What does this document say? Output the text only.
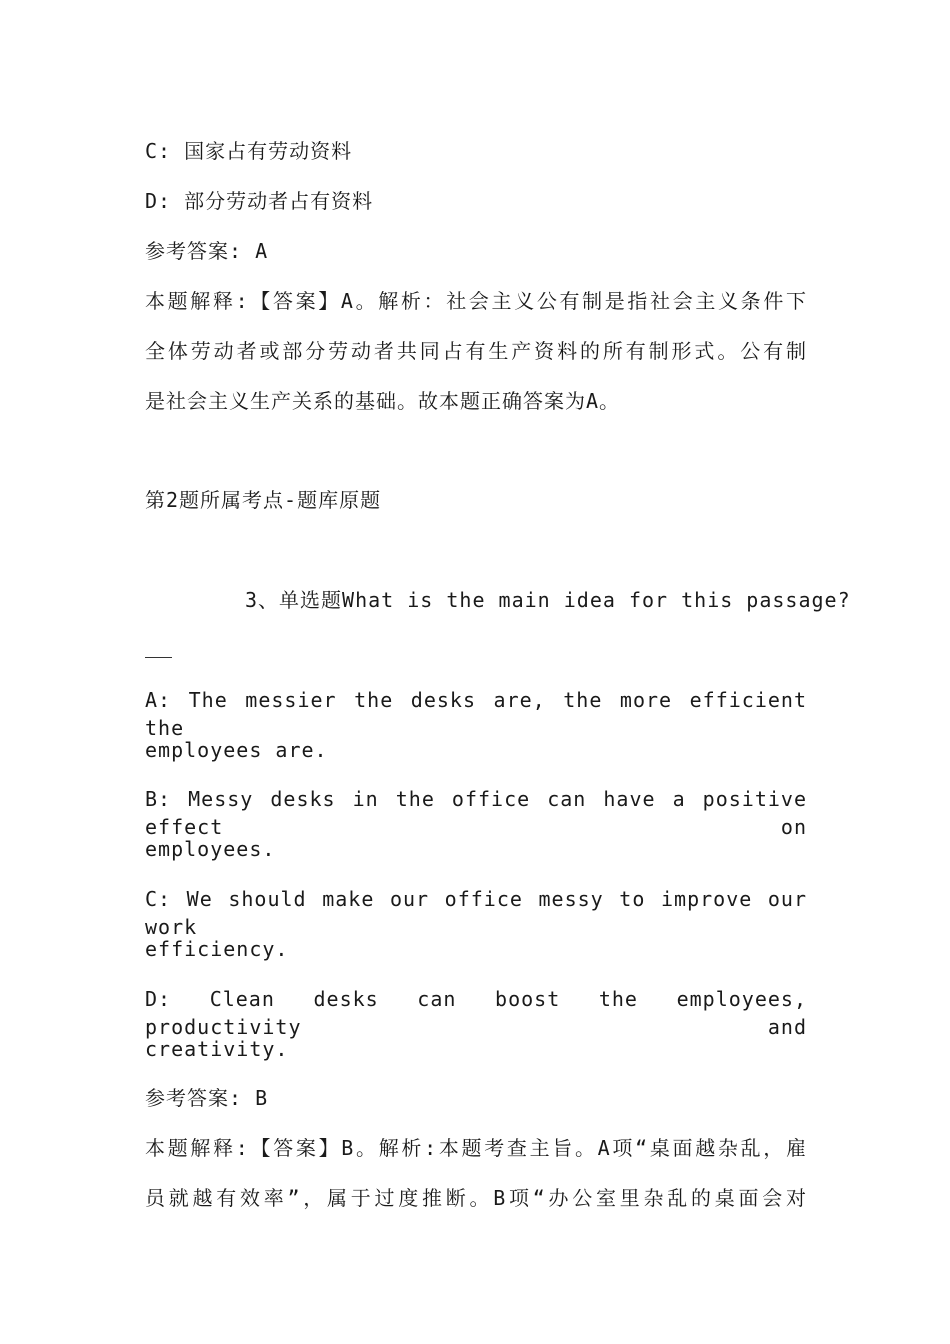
C: 国家占有劳动资料
D: 部分劳动者占有资料
参考答案: A
本题解释:【答案】A。解析：社会主义公有制是指社会主义条件下
全体劳动者或部分劳动者共同占有生产资料的所有制形式。公有制
是社会主义生产关系的基础。故本题正确答案为A。
第2题所属考点-题库原题
3、单选题What is the main idea for this passage?
A: The messier the desks are, the more efficient the
employees are.
B: Messy desks in the office can have a positive effect on
employees.
C: We should make our office messy to improve our work
efficiency.
D: Clean desks can boost the employees, productivity and
creativity.
参考答案: B
本题解释:【答案】B。解析:本题考查主旨。A项“桌面越杂乱，雇
员就越有效率”，属于过度推断。B项“办公室里杂乱的桌面会对
